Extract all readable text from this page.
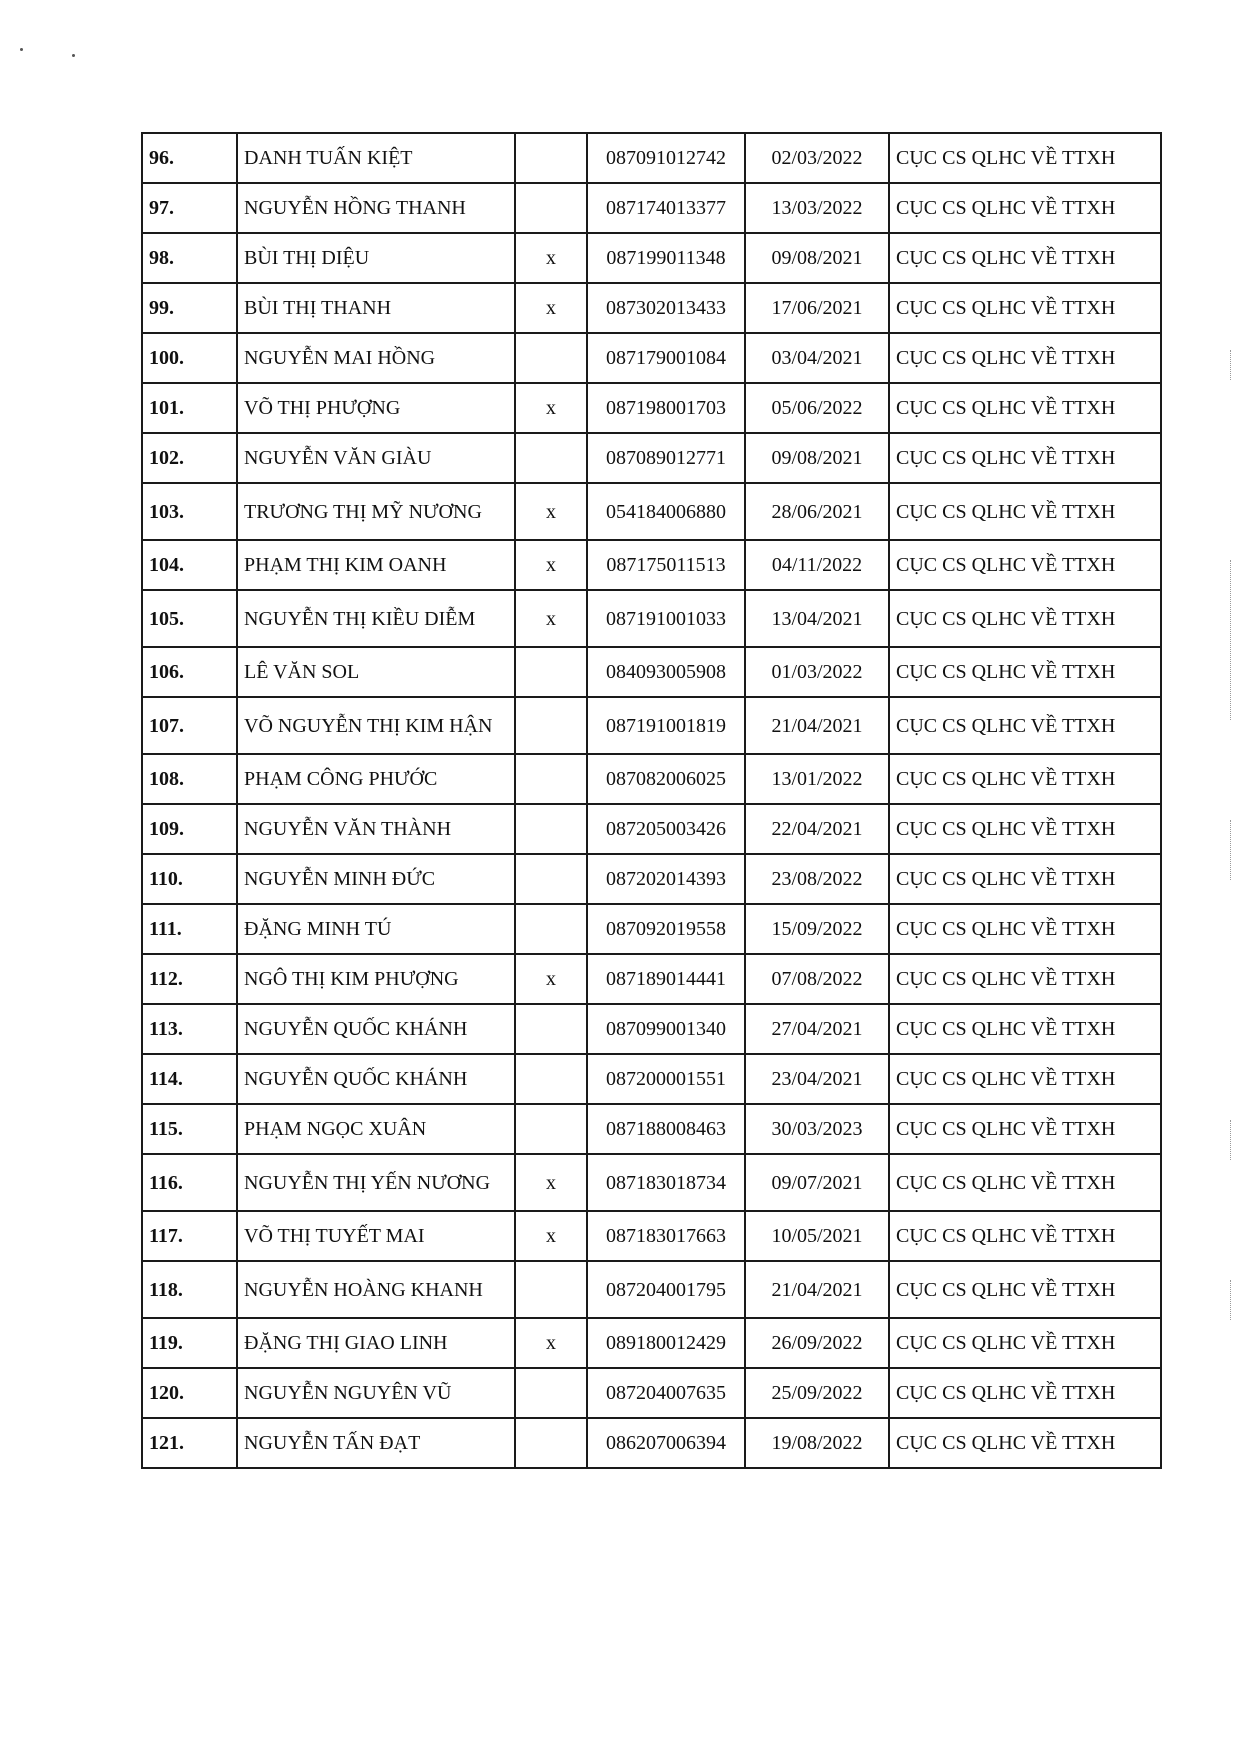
96.	DANH TUẤN KIỆT		087091012742	02/03/2022	CỤC CS QLHC VỀ TTXH
97.	NGUYỄN HỒNG THANH		087174013377	13/03/2022	CỤC CS QLHC VỀ TTXH
98.	BÙI THỊ DIỆU	x	087199011348	09/08/2021	CỤC CS QLHC VỀ TTXH
99.	BÙI THỊ THANH	x	087302013433	17/06/2021	CỤC CS QLHC VỀ TTXH
100.	NGUYỄN MAI HỒNG		087179001084	03/04/2021	CỤC CS QLHC VỀ TTXH
101.	VÕ THỊ PHƯỢNG	x	087198001703	05/06/2022	CỤC CS QLHC VỀ TTXH
102.	NGUYỄN VĂN GIÀU		087089012771	09/08/2021	CỤC CS QLHC VỀ TTXH
103.	TRƯƠNG THỊ MỸ NƯƠNG	x	054184006880	28/06/2021	CỤC CS QLHC VỀ TTXH
104.	PHẠM THỊ KIM OANH	x	087175011513	04/11/2022	CỤC CS QLHC VỀ TTXH
105.	NGUYỄN THỊ KIỀU DIỄM	x	087191001033	13/04/2021	CỤC CS QLHC VỀ TTXH
106.	LÊ VĂN SOL		084093005908	01/03/2022	CỤC CS QLHC VỀ TTXH
107.	VÕ NGUYỄN THỊ KIM HẬN		087191001819	21/04/2021	CỤC CS QLHC VỀ TTXH
108.	PHẠM CÔNG PHƯỚC		087082006025	13/01/2022	CỤC CS QLHC VỀ TTXH
109.	NGUYỄN VĂN THÀNH		087205003426	22/04/2021	CỤC CS QLHC VỀ TTXH
110.	NGUYỄN MINH ĐỨC		087202014393	23/08/2022	CỤC CS QLHC VỀ TTXH
111.	ĐẶNG MINH TÚ		087092019558	15/09/2022	CỤC CS QLHC VỀ TTXH
112.	NGÔ THỊ KIM PHƯỢNG	x	087189014441	07/08/2022	CỤC CS QLHC VỀ TTXH
113.	NGUYỄN QUỐC KHÁNH		087099001340	27/04/2021	CỤC CS QLHC VỀ TTXH
114.	NGUYỄN QUỐC KHÁNH		087200001551	23/04/2021	CỤC CS QLHC VỀ TTXH
115.	PHẠM NGỌC XUÂN		087188008463	30/03/2023	CỤC CS QLHC VỀ TTXH
116.	NGUYỄN THỊ YẾN NƯƠNG	x	087183018734	09/07/2021	CỤC CS QLHC VỀ TTXH
117.	VÕ THỊ TUYẾT MAI	x	087183017663	10/05/2021	CỤC CS QLHC VỀ TTXH
118.	NGUYỄN HOÀNG KHANH		087204001795	21/04/2021	CỤC CS QLHC VỀ TTXH
119.	ĐẶNG THỊ GIAO LINH	x	089180012429	26/09/2022	CỤC CS QLHC VỀ TTXH
120.	NGUYỄN NGUYÊN VŨ		087204007635	25/09/2022	CỤC CS QLHC VỀ TTXH
121.	NGUYỄN TẤN ĐẠT		086207006394	19/08/2022	CỤC CS QLHC VỀ TTXH
